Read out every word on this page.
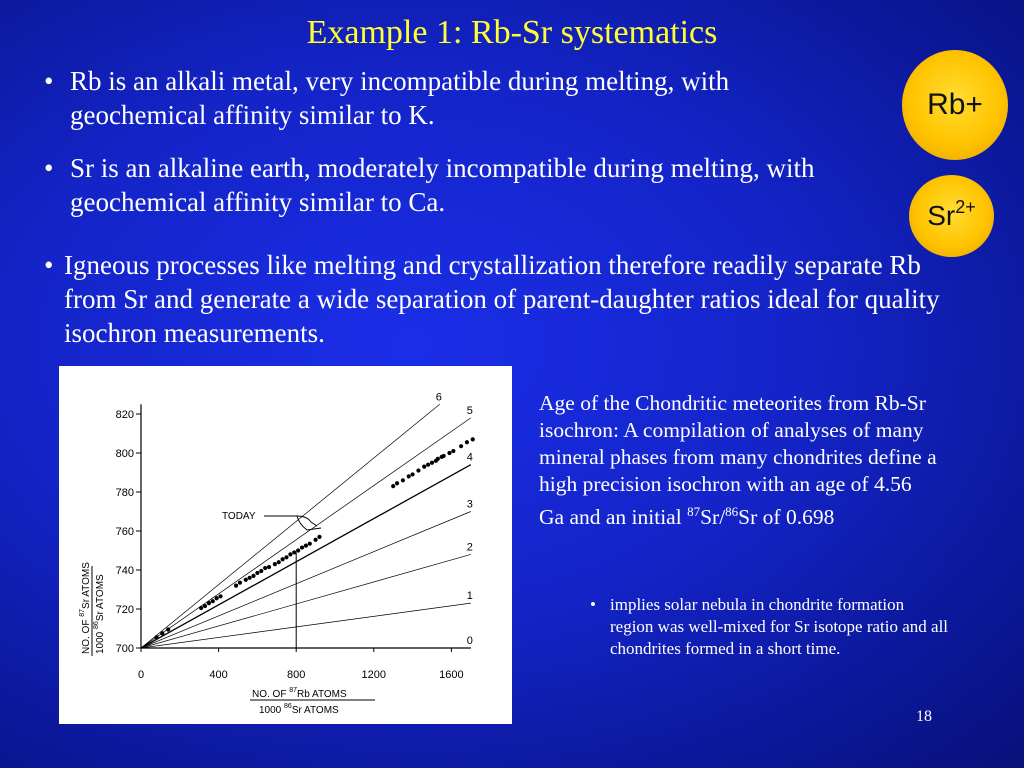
Example 1: Rb-Sr systematics
• Rb is an alkali metal, very incompatible during melting, with geochemical affinity similar to K.
• Sr is an alkaline earth, moderately incompatible during melting, with geochemical affinity similar to Ca.
• Igneous processes like melting and crystallization therefore readily separate Rb from Sr and generate a wide separation of parent-daughter ratios ideal for quality isochron measurements.
Rb+
$Sr^{2+}$
0
1
2
3
4
5
6
700
720
740
760
780
800
820
0	400	800	1200	1600
TODAY
NO. OF $^{87}$Sr ATOMS
1000 $^{86}$Sr ATOMS
NO. OF $^{87}$Rb ATOMS
1000 $^{86}$Sr ATOMS
Age of the Chondritic meteorites from Rb-Sr isochron: A compilation of analyses of many mineral phases from many chondrites define a high precision isochron with an age of 4.56 Ga and an initial $^{87}$Sr/$^{86}$Sr of 0.698
• implies solar nebula in chondrite formation region was well-mixed for Sr isotope ratio and all chondrites formed in a short time.
18
